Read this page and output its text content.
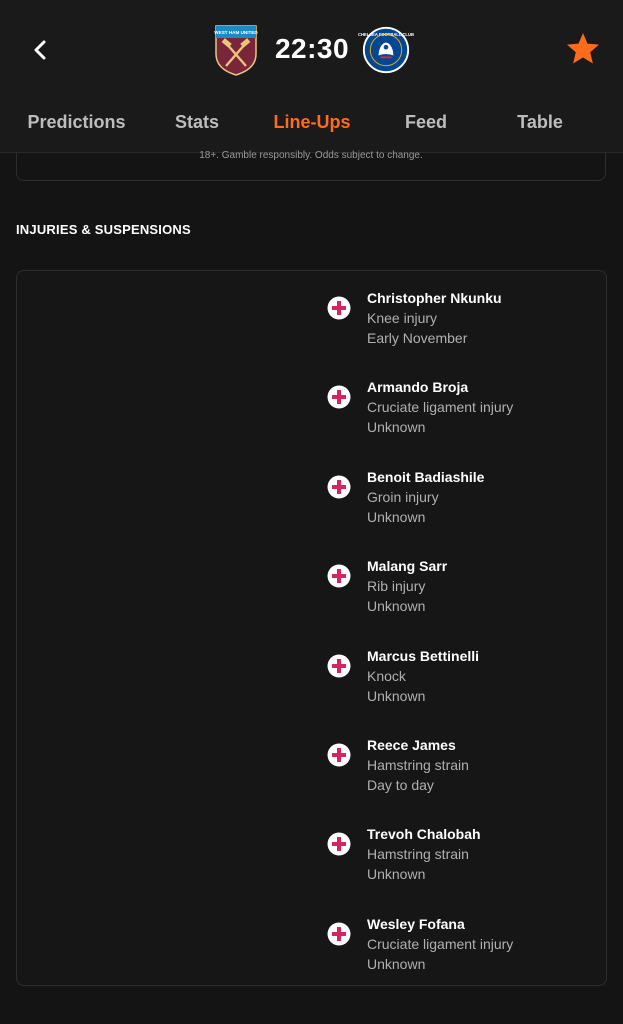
18+. Gamble responsibly. Odds subject to change.
WEST HAM UNITED
22:30	CHELSEA FOOTBALL CLUB
Predictions	Stats	Line-Ups	Feed	Table
INJURIES & SUSPENSIONS
Christopher Nkunku
Knee injury
Early November
Armando Broja
Cruciate ligament injury
Unknown
Benoit Badiashile
Groin injury
Unknown
Malang Sarr
Rib injury
Unknown
Marcus Bettinelli
Knock
Unknown
Reece James
Hamstring strain
Day to day
Trevoh Chalobah
Hamstring strain
Unknown
Wesley Fofana
Cruciate ligament injury
Unknown
